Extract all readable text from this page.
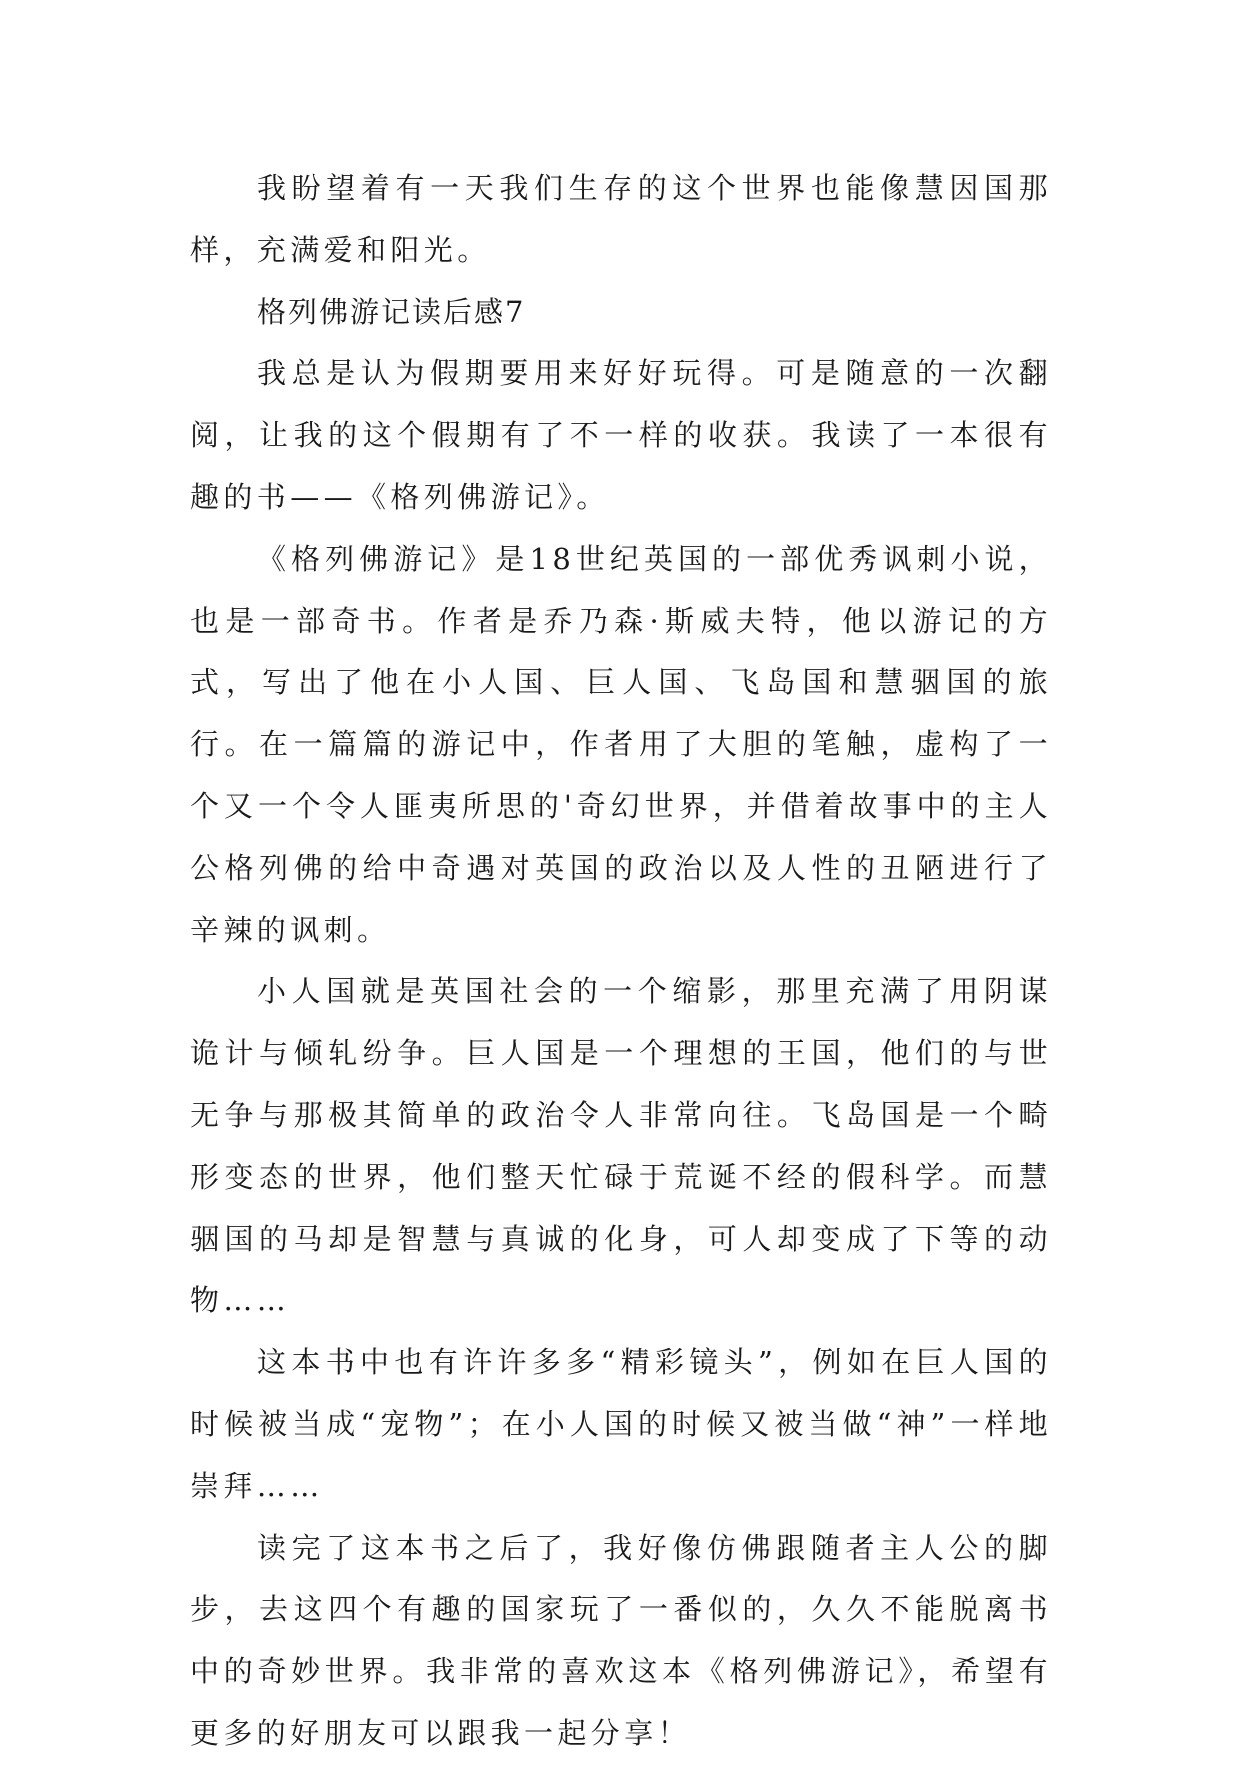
我盼望着有一天我们生存的这个世界也能像慧因国那样，充满爱和阳光。

格列佛游记读后感7

我总是认为假期要用来好好玩得。可是随意的一次翻阅，让我的这个假期有了不一样的收获。我读了一本很有趣的书——《格列佛游记》。

《格列佛游记》是18世纪英国的一部优秀讽刺小说，也是一部奇书。作者是乔乃森·斯威夫特，他以游记的方式，写出了他在小人国、巨人国、飞岛国和慧骃国的旅行。在一篇篇的游记中，作者用了大胆的笔触，虚构了一个又一个令人匪夷所思的'奇幻世界，并借着故事中的主人公格列佛的给中奇遇对英国的政治以及人性的丑陋进行了辛辣的讽刺。

小人国就是英国社会的一个缩影，那里充满了用阴谋诡计与倾轧纷争。巨人国是一个理想的王国，他们的与世无争与那极其简单的政治令人非常向往。飞岛国是一个畸形变态的世界，他们整天忙碌于荒诞不经的假科学。而慧骃国的马却是智慧与真诚的化身，可人却变成了下等的动物……

这本书中也有许许多多“精彩镜头”，例如在巨人国的时候被当成“宠物”；在小人国的时候又被当做“神”一样地崇拜……

读完了这本书之后了，我好像仿佛跟随者主人公的脚步，去这四个有趣的国家玩了一番似的，久久不能脱离书中的奇妙世界。我非常的喜欢这本《格列佛游记》，希望有更多的好朋友可以跟我一起分享！
